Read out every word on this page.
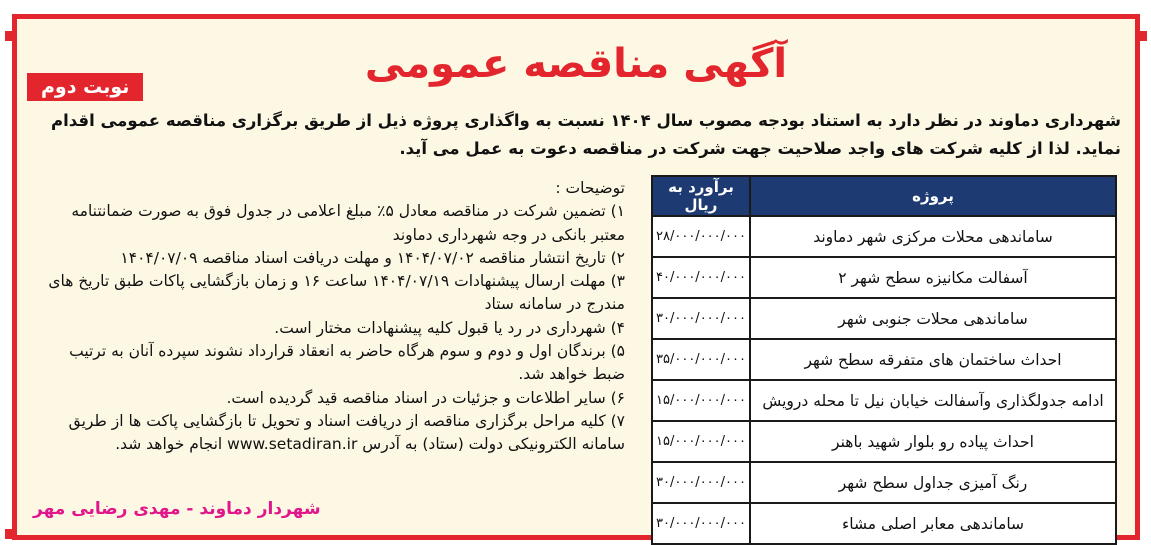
آگهی مناقصه عمومی
نوبت دوم
شهرداری دماوند در نظر دارد به استناد بودجه مصوب سال ۱۴۰۴ نسبت به واگذاری پروژه ذیل از طریق برگزاری مناقصه عمومی اقدام نماید. لذا از کلیه شرکت های واجد صلاحیت جهت شرکت در مناقصه دعوت به عمل می آید.
پروژه	برآورد به ریال
ساماندهی محلات مرکزی شهر دماوند	۲۸/۰۰۰/۰۰۰/۰۰۰
آسفالت مکانیزه سطح شهر ۲	۴۰/۰۰۰/۰۰۰/۰۰۰
ساماندهی محلات جنوبی شهر	۳۰/۰۰۰/۰۰۰/۰۰۰
احداث ساختمان های متفرقه سطح شهر	۳۵/۰۰۰/۰۰۰/۰۰۰
ادامه جدولگذاری وآسفالت خیابان نیل تا محله درویش	۱۵/۰۰۰/۰۰۰/۰۰۰
احداث پیاده رو بلوار شهید باهنر	۱۵/۰۰۰/۰۰۰/۰۰۰
رنگ آمیزی جداول سطح شهر	۳۰/۰۰۰/۰۰۰/۰۰۰
ساماندهی معابر اصلی مشاء	۳۰/۰۰۰/۰۰۰/۰۰۰
توضیحات :
۱) تضمین شرکت در مناقصه معادل ۵٪ مبلغ اعلامی در جدول فوق به صورت ضمانتنامه معتبر بانکی در وجه شهرداری دماوند
۲) تاریخ انتشار مناقصه ۱۴۰۴/۰۷/۰۲ و مهلت دریافت اسناد مناقصه ۱۴۰۴/۰۷/۰۹
۳) مهلت ارسال پیشنهادات ۱۴۰۴/۰۷/۱۹ ساعت ۱۶ و زمان بازگشایی پاکات طبق تاریخ های مندرج در سامانه ستاد
۴) شهرداری در رد یا قبول کلیه پیشنهادات مختار است.
۵) برندگان اول و دوم و سوم هرگاه حاضر به انعقاد قرارداد نشوند سپرده آنان به ترتیب ضبط خواهد شد.
۶) سایر اطلاعات و جزئیات در اسناد مناقصه قید گردیده است.
۷) کلیه مراحل برگزاری مناقصه از دریافت اسناد و تحویل تا بازگشایی پاکت ها از طریق سامانه الکترونیکی دولت (ستاد) به آدرس www.setadiran.ir انجام خواهد شد.
شهردار دماوند - مهدی رضایی مهر
